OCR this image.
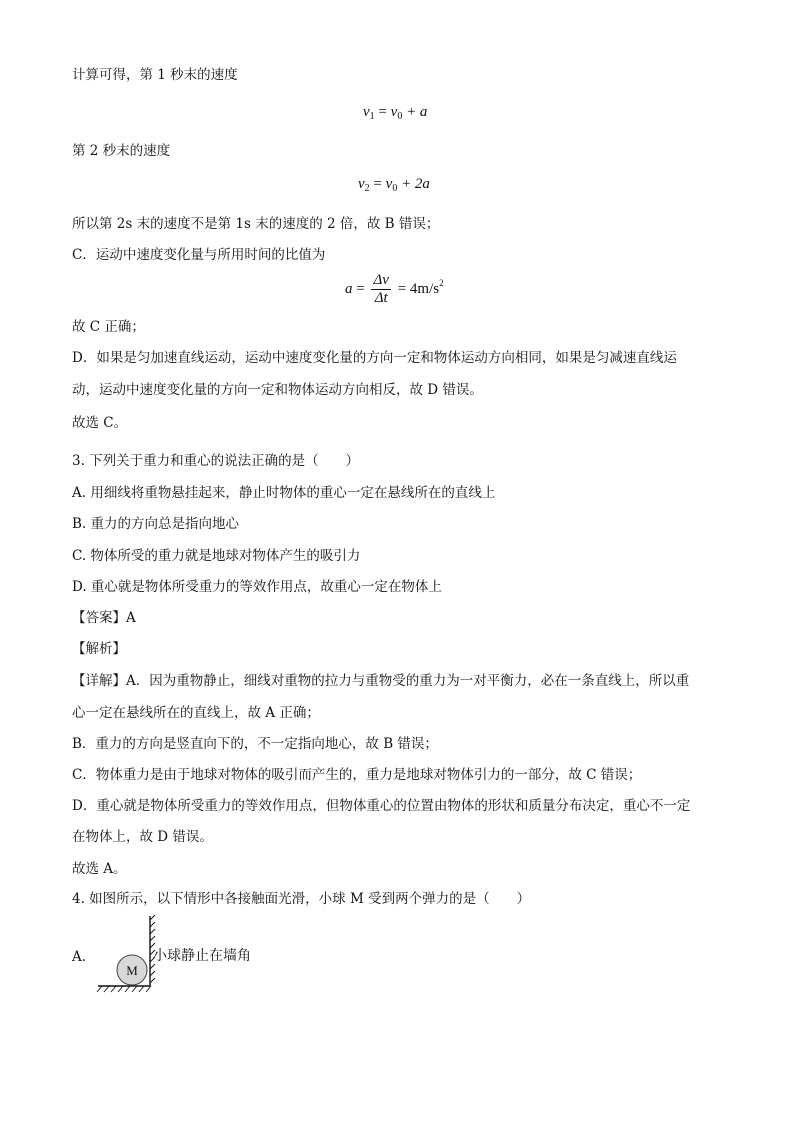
计算可得，第 1 秒末的速度
$v_1 = v_0 + a$
第 2 秒末的速度
$v_2 = v_0 + 2a$
所以第 2s 末的速度不是第 1s 末的速度的 2 倍，故 B 错误；
C．运动中速度变化量与所用时间的比值为
$a = \frac{\Delta v}{\Delta t} = 4m/s^2$
故 C 正确；
D．如果是匀加速直线运动，运动中速度变化量的方向一定和物体运动方向相同，如果是匀减速直线运
动，运动中速度变化量的方向一定和物体运动方向相反，故 D 错误。
故选 C。
3. 下列关于重力和重心的说法正确的是（　　）
A. 用细线将重物悬挂起来，静止时物体的重心一定在悬线所在的直线上
B. 重力的方向总是指向地心
C. 物体所受的重力就是地球对物体产生的吸引力
D. 重心就是物体所受重力的等效作用点，故重心一定在物体上
【答案】A
【解析】
【详解】A．因为重物静止，细线对重物的拉力与重物受的重力为一对平衡力，必在一条直线上，所以重
心一定在悬线所在的直线上，故 A 正确；
B．重力的方向是竖直向下的，不一定指向地心，故 B 错误；
C．物体重力是由于地球对物体的吸引而产生的，重力是地球对物体引力的一部分，故 C 错误；
D．重心就是物体所受重力的等效作用点，但物体重心的位置由物体的形状和质量分布决定，重心不一定
在物体上，故 D 错误。
故选 A。
4. 如图所示，以下情形中各接触面光滑，小球 M 受到两个弹力的是（　　）
A.
M
小球静止在墙角
